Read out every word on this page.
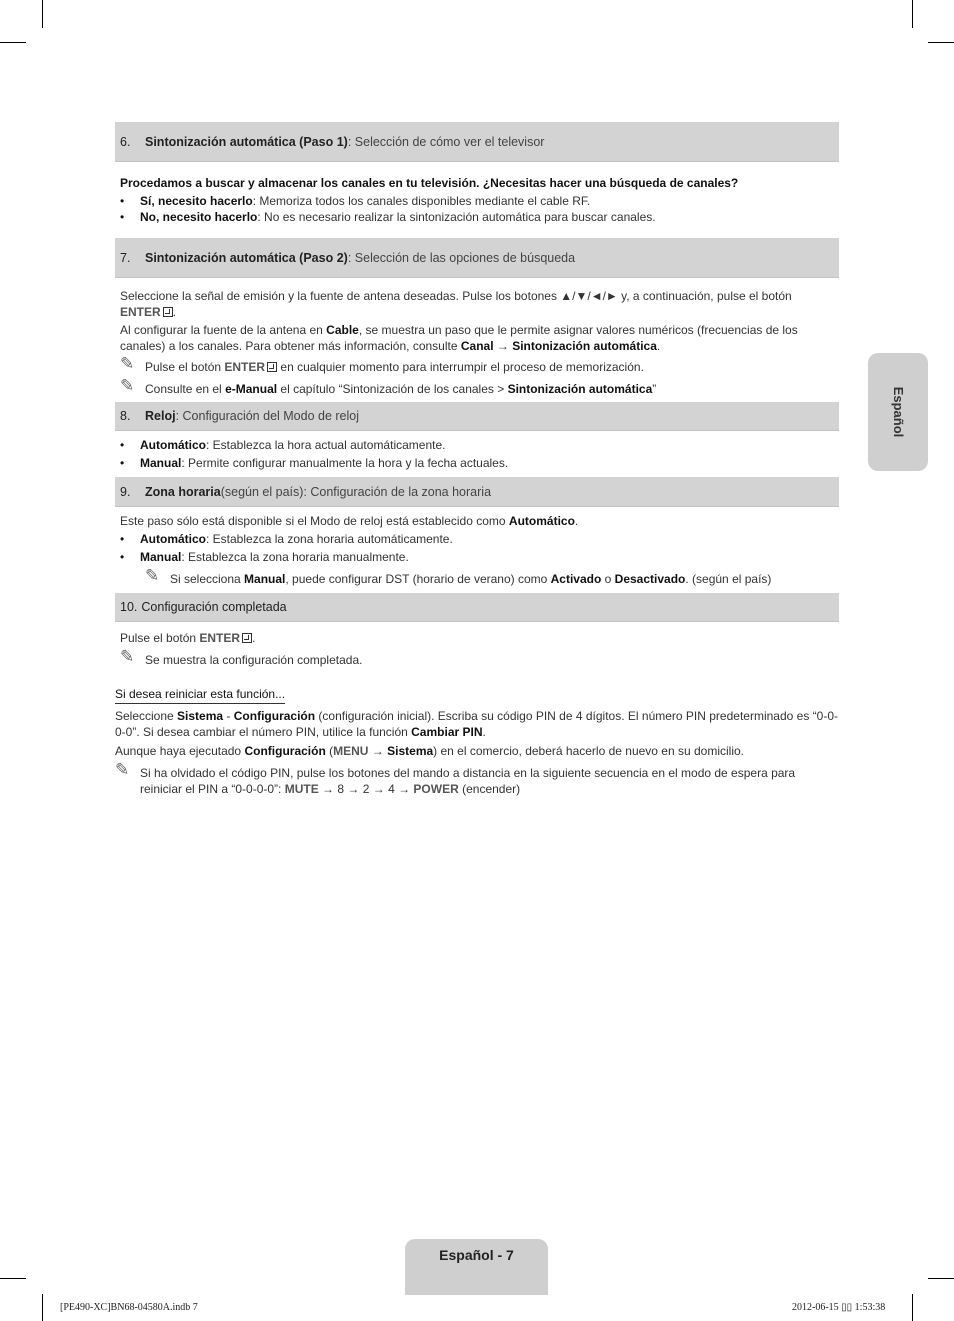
6.	Sintonización automática (Paso 1) : Selección de cómo ver el televisor
Procedamos a buscar y almacenar los canales en tu televisión. ¿Necesitas hacer una búsqueda de canales?
• Sí, necesito hacerlo: Memoriza todos los canales disponibles mediante el cable RF.
• No, necesito hacerlo: No es necesario realizar la sintonización automática para buscar canales.
7.	Sintonización automática (Paso 2) : Selección de las opciones de búsqueda
Seleccione la señal de emisión y la fuente de antena deseadas. Pulse los botones ▲/▼/◄/► y, a continuación, pulse el botón
ENTER .
Al configurar la fuente de la antena en Cable, se muestra un paso que le permite asignar valores numéricos (frecuencias de los canales) a los canales. Para obtener más información, consulte Canal → Sintonización automática.
✎ Pulse el botón ENTER en cualquier momento para interrumpir el proceso de memorización.
✎ Consulte en el e-Manual el capítulo “Sintonización de los canales > Sintonización automática”
8.	Reloj : Configuración del Modo de reloj
• Automático: Establezca la hora actual automáticamente.
• Manual: Permite configurar manualmente la hora y la fecha actuales.
9.	Zona horaria (según el país): Configuración de la zona horaria
Este paso sólo está disponible si el Modo de reloj está establecido como Automático.
• Automático: Establezca la zona horaria automáticamente.
• Manual: Establezca la zona horaria manualmente.
✎ Si selecciona Manual, puede configurar DST (horario de verano) como Activado o Desactivado. (según el país)
10. Configuración completada
Pulse el botón ENTER .
✎ Se muestra la configuración completada.
Si desea reiniciar esta función...
Seleccione Sistema - Configuración (configuración inicial). Escriba su código PIN de 4 dígitos. El número PIN predeterminado es “0-0-0-0”. Si desea cambiar el número PIN, utilice la función Cambiar PIN.
Aunque haya ejecutado Configuración (MENU → Sistema) en el comercio, deberá hacerlo de nuevo en su domicilio.
✎ Si ha olvidado el código PIN, pulse los botones del mando a distancia en la siguiente secuencia en el modo de espera para reiniciar el PIN a “0-0-0-0”: MUTE → 8 → 2 → 4 → POWER (encender)
Español
Español - 7
[PE490-XC]BN68-04580A.indb 7	2012-06-15 ▯▯ 1:53:38
